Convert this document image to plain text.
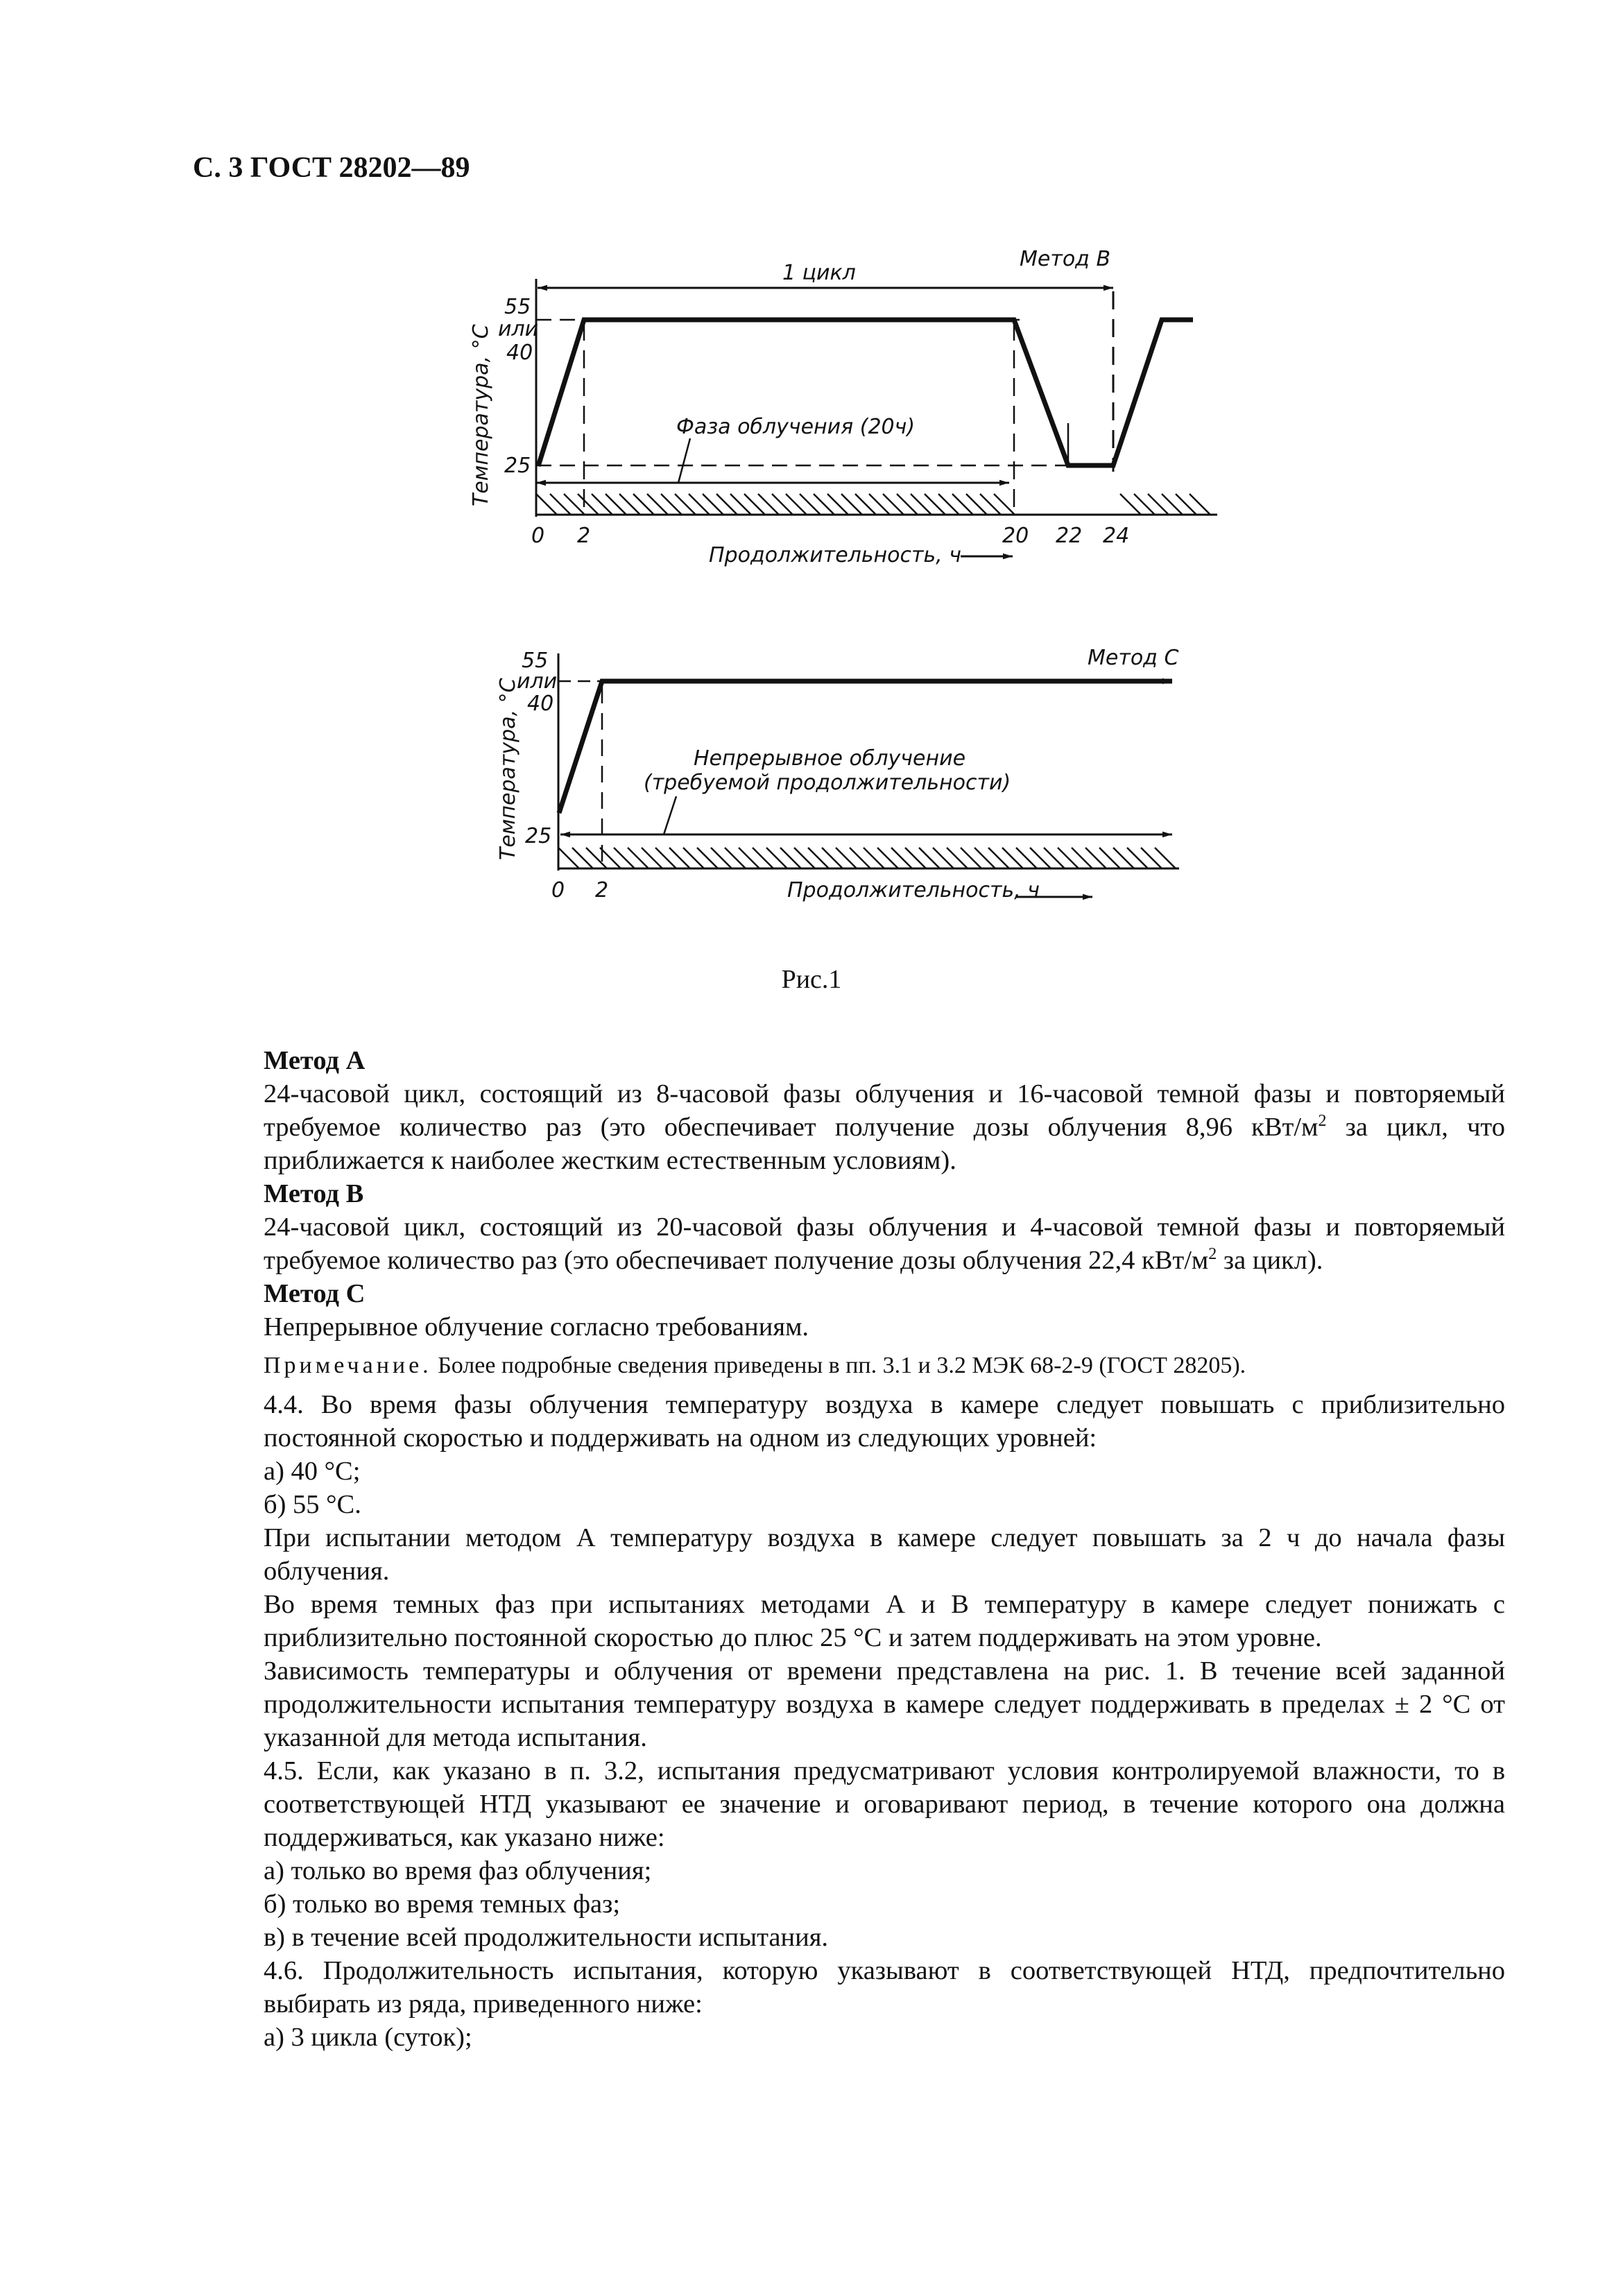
С. 3 ГОСТ 28202—89
Метод B
1 цикл
55
или
40
25
Температура, °С	Фаза облучения (20ч)
0 2	20 22 24
Продолжительность, ч
Метод C
55
или
40
25
Температура, °С	Непрерывное облучение
(требуемой продолжительности)
0 2	Продолжительность, ч
Рис.1

Метод А

24-часовой цикл, состоящий из 8-часовой фазы облучения и 16-часовой темной фазы и повторяемый требуемое количество раз (это обеспечивает получение дозы облучения 8,96 кВт/$м^2$ за цикл, что приближается к наиболее жестким естественным условиям).

Метод В

24-часовой цикл, состоящий из 20-часовой фазы облучения и 4-часовой темной фазы и повторяемый требуемое количество раз (это обеспечивает получение дозы облучения 22,4 кВт/$м^2$ за цикл).

Метод С

Непрерывное облучение согласно требованиям.

Примечание. Более подробные сведения приведены в пп. 3.1 и 3.2 МЭК 68-2-9 (ГОСТ 28205).

4.4. Во время фазы облучения температуру воздуха в камере следует повышать с приблизительно постоянной скоростью и поддерживать на одном из следующих уровней:

а) 40 °С;

б) 55 °С.

При испытании методом А температуру воздуха в камере следует повышать за 2 ч до начала фазы облучения.

Во время темных фаз при испытаниях методами А и В температуру в камере следует понижать с приблизительно постоянной скоростью до плюс 25 °С и затем поддерживать на этом уровне.

Зависимость температуры и облучения от времени представлена на рис. 1. В течение всей заданной продолжительности испытания температуру воздуха в камере следует поддерживать в пределах ± 2 °С от указанной для метода испытания.

4.5. Если, как указано в п. 3.2, испытания предусматривают условия контролируемой влажности, то в соответствующей НТД указывают ее значение и оговаривают период, в течение которого она должна поддерживаться, как указано ниже:

а) только во время фаз облучения;

б) только во время темных фаз;

в) в течение всей продолжительности испытания.

4.6. Продолжительность испытания, которую указывают в соответствующей НТД, предпочтительно выбирать из ряда, приведенного ниже:

а) 3 цикла (суток);
